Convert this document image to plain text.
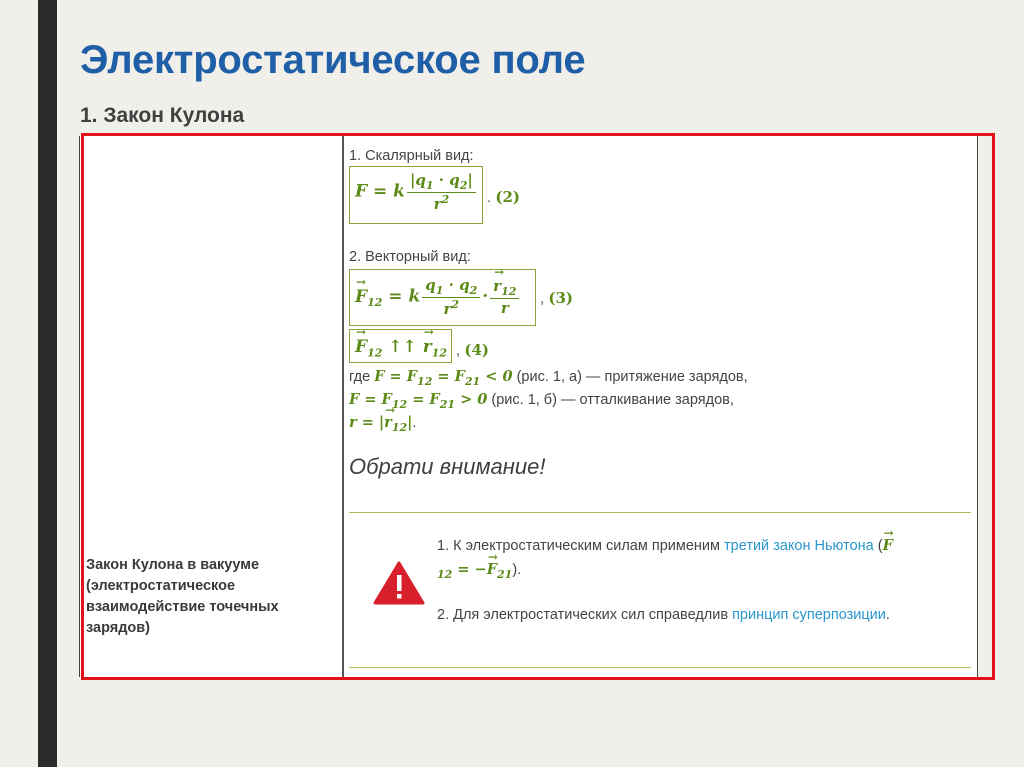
Электростатическое поле
1. Закон Кулона
Закон Кулона в вакууме
(электростатическое
взаимодействие точечных
зарядов)
1. Скалярный вид:
F = k $\frac{|q_1 \cdot q_2|}{r^2}$ . (2)
2. Векторный вид:
→ $F_{12} = k \frac{q_1 \cdot q_2}{r^2}$ ·
→ $\frac{r_{12}}{r}$ , (3)
→ $F_{12}$ ↑↑ → $r_{12}$ , (4)
где $F = F_{12} = F_{21} < 0$ (рис. 1, а) — притяжение зарядов,
$F = F_{12} = F_{21} > 0$ (рис. 1, б) — отталкивание зарядов,
r = |→ $r_{12}|$.
Обрати внимание!
1. К электростатическим силам применим третий закон Ньютона (→ $F_{12}$ = −→ $F_{21}$).
2. Для электростатических сил справедлив принцип суперпозиции.
